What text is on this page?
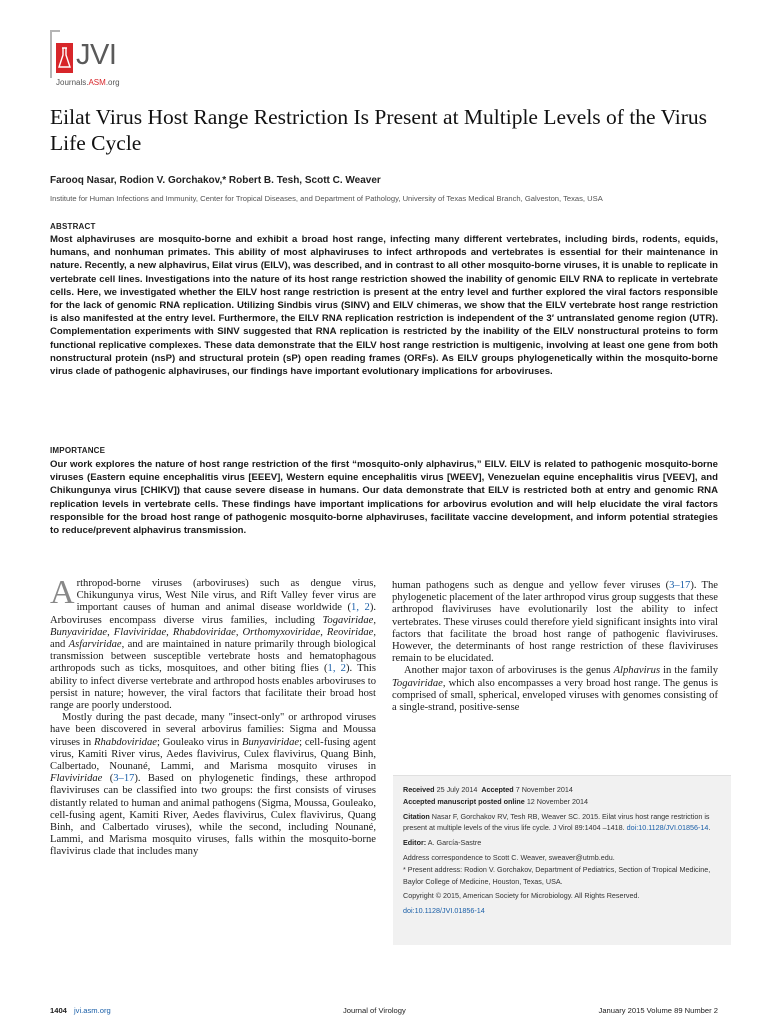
JVI
Journals.ASM.org
Eilat Virus Host Range Restriction Is Present at Multiple Levels of the Virus Life Cycle
Farooq Nasar, Rodion V. Gorchakov,* Robert B. Tesh, Scott C. Weaver
Institute for Human Infections and Immunity, Center for Tropical Diseases, and Department of Pathology, University of Texas Medical Branch, Galveston, Texas, USA
ABSTRACT
Most alphaviruses are mosquito-borne and exhibit a broad host range, infecting many different vertebrates, including birds, rodents, equids, humans, and nonhuman primates. This ability of most alphaviruses to infect arthropods and vertebrates is essential for their maintenance in nature. Recently, a new alphavirus, Eilat virus (EILV), was described, and in contrast to all other mosquito-borne viruses, it is unable to replicate in vertebrate cell lines. Investigations into the nature of its host range restriction showed the inability of genomic EILV RNA to replicate in vertebrate cells. Here, we investigated whether the EILV host range restriction is present at the entry level and further explored the viral factors responsible for the lack of genomic RNA replication. Utilizing Sindbis virus (SINV) and EILV chimeras, we show that the EILV vertebrate host range restriction is also manifested at the entry level. Furthermore, the EILV RNA replication restriction is independent of the 3′ untranslated genome region (UTR). Complementation experiments with SINV suggested that RNA replication is restricted by the inability of the EILV nonstructural proteins to form functional replicative complexes. These data demonstrate that the EILV host range restriction is multigenic, involving at least one gene from both nonstructural protein (nsP) and structural protein (sP) open reading frames (ORFs). As EILV groups phylogenetically within the mosquito-borne virus clade of pathogenic alphaviruses, our findings have important evolutionary implications for arboviruses.
IMPORTANCE
Our work explores the nature of host range restriction of the first “mosquito-only alphavirus,” EILV. EILV is related to pathogenic mosquito-borne viruses (Eastern equine encephalitis virus [EEEV], Western equine encephalitis virus [WEEV], Venezuelan equine encephalitis virus [VEEV], and Chikungunya virus [CHIKV]) that cause severe disease in humans. Our data demonstrate that EILV is restricted both at entry and genomic RNA replication levels in vertebrate cells. These findings have important implications for arbovirus evolution and will help elucidate the viral factors responsible for the broad host range of pathogenic mosquito-borne alphaviruses, facilitate vaccine development, and inform potential strategies to reduce/prevent alphavirus transmission.

Arthropod-borne viruses (arboviruses) such as dengue virus, Chikungunya virus, West Nile virus, and Rift Valley fever virus are important causes of human and animal disease worldwide (1, 2). Arboviruses encompass diverse virus families, including Togaviridae, Bunyaviridae, Flaviviridae, Rhabdoviridae, Orthomyxoviridae, Reoviridae, and Asfarviridae, and are maintained in nature primarily through biological transmission between susceptible vertebrate hosts and hematophagous arthropods such as ticks, mosquitoes, and other biting flies (1, 2). This ability to infect diverse vertebrate and arthropod hosts enables arboviruses to persist in nature; however, the viral factors that facilitate their broad host range are poorly understood.

Mostly during the past decade, many "insect-only" or arthropod viruses have been discovered in several arbovirus families: Sigma and Moussa viruses in Rhabdoviridae; Gouleako virus in Bunyaviridae; cell-fusing agent virus, Kamiti River virus, Aedes flavivirus, Culex flavivirus, Quang Binh, Calbertado, Nounané, Lammi, and Marisma mosquito viruses in Flaviviridae (3–17). Based on phylogenetic findings, these arthropod flaviviruses can be classified into two groups: the first consists of viruses distantly related to human and animal pathogens (Sigma, Moussa, Gouleako, cell-fusing agent, Kamiti River, Aedes flavivirus, Culex flavivirus, Quang Binh, and Calbertado viruses), while the second, including Nounané, Lammi, and Marisma mosquito viruses, falls within the mosquito-borne flavivirus clade that includes many

human pathogens such as dengue and yellow fever viruses (3–17). The phylogenetic placement of the later arthropod virus group suggests that these arthropod flaviviruses have evolutionarily lost the ability to infect vertebrates. These viruses could therefore yield significant insights into viral factors that facilitate the broad host range of pathogenic flaviviruses. However, the determinants of host range restriction of these flaviviruses remain to be elucidated.

Another major taxon of arboviruses is the genus Alphavirus in the family Togaviridae, which also encompasses a very broad host range. The genus is comprised of small, spherical, enveloped viruses with genomes consisting of a single-strand, positive-sense

Received 25 July 2014 Accepted 7 November 2014
Accepted manuscript posted online 12 November 2014
Citation Nasar F, Gorchakov RV, Tesh RB, Weaver SC. 2015. Eilat virus host range restriction is present at multiple levels of the virus life cycle. J Virol 89:1404 –1418. doi:10.1128/JVI.01856-14.
Editor: A. García-Sastre
Address correspondence to Scott C. Weaver, sweaver@utmb.edu.
* Present address: Rodion V. Gorchakov, Department of Pediatrics, Section of Tropical Medicine, Baylor College of Medicine, Houston, Texas, USA.
Copyright © 2015, American Society for Microbiology. All Rights Reserved.
doi:10.1128/JVI.01856-14
1404 jvi.asm.org	Journal of Virology	January 2015 Volume 89 Number 2
